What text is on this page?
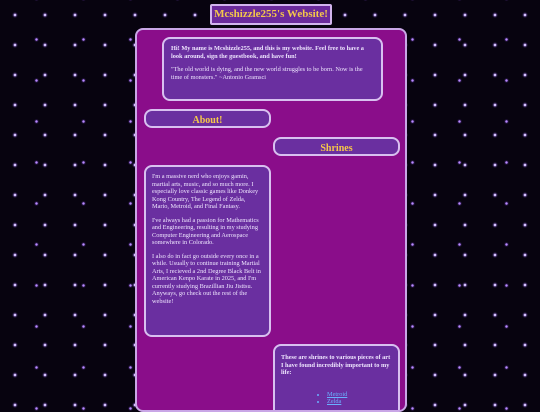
Mcshizzle255's Website!

Hi! My name is Mcshizzle255, and this is my website. Feel free to have a look around, sign the guestbook, and have fun!

"The old world is dying, and the new world struggles to be born. Now is the time of monsters." ~Antonio Gramsci

About!
Shrines

I'm a massive nerd who enjoys gamin, martial arts, music, and so much more. I especially love classic games like Donkey Kong Country, The Legend of Zelda, Mario, Metroid, and Final Fantasy.

I've always had a passion for Mathematics and Engineering, resulting in my studying Computer Engineering and Aerospace somewhere in Colorado.

I also do in fact go outside every once in a while. Usually to continue training Martial Arts, I recieved a 2nd Degree Black Belt in American Kenpo Karate in 2025, and I'm currently studying Brazillian Jiu Jisttsu. Anyways, go check out the rest of the website!

These are shrines to various pieces of art I have found incredibly important to my life:

• Metroid
• Zelda
